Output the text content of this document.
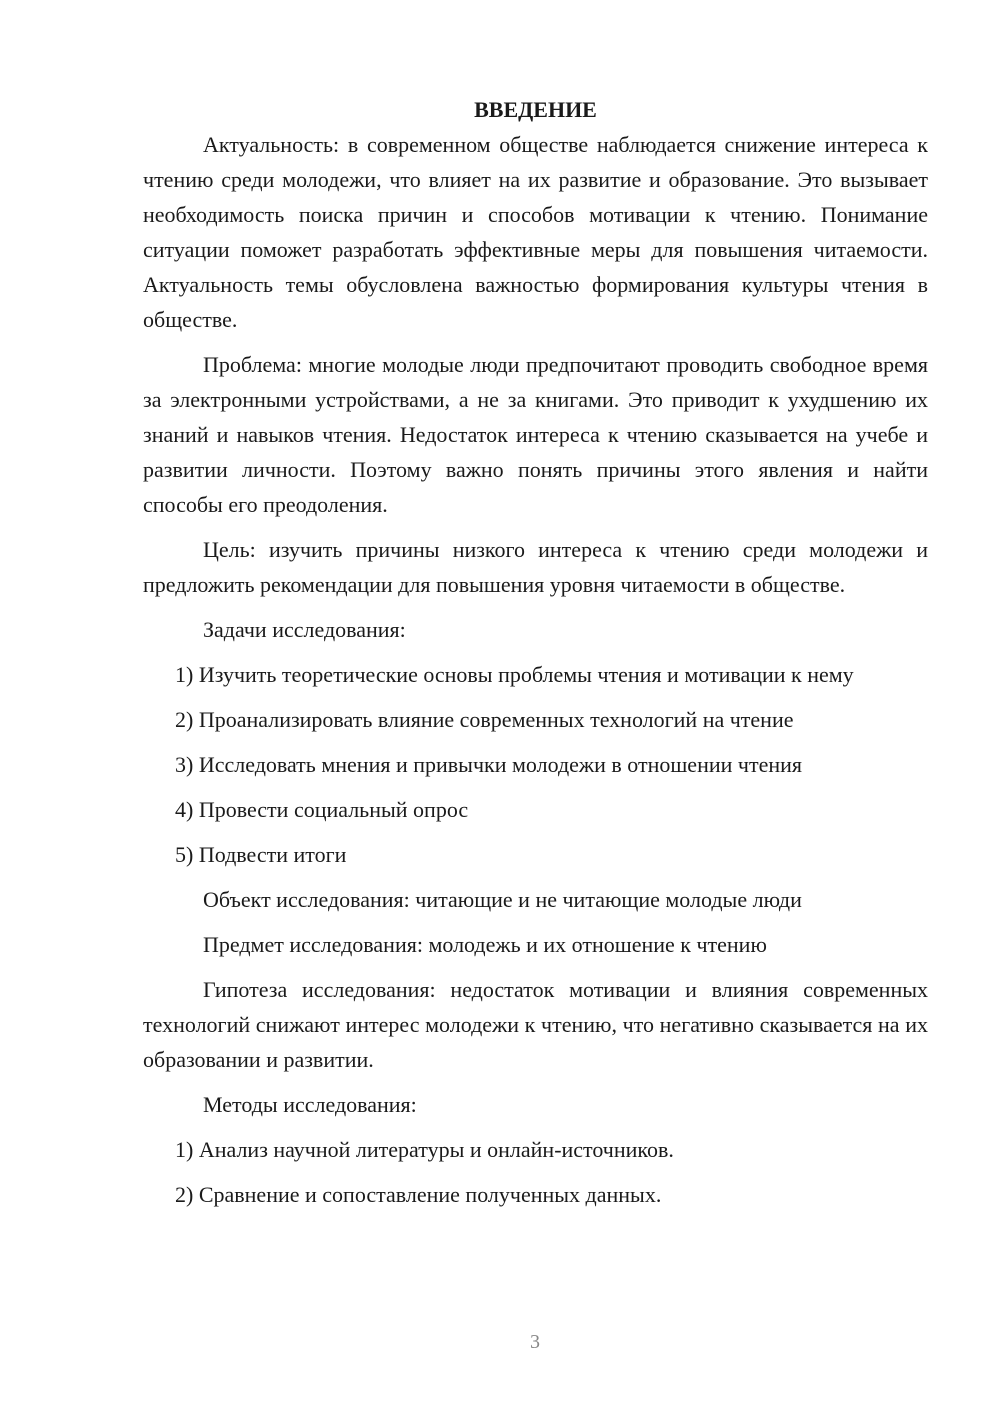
ВВЕДЕНИЕ

Актуальность: в современном обществе наблюдается снижение интереса к чтению среди молодежи, что влияет на их развитие и образование. Это вызывает необходимость поиска причин и способов мотивации к чтению. Понимание ситуации поможет разработать эффективные меры для повышения читаемости. Актуальность темы обусловлена важностью формирования культуры чтения в обществе.

Проблема: многие молодые люди предпочитают проводить свободное время за электронными устройствами, а не за книгами. Это приводит к ухудшению их знаний и навыков чтения. Недостаток интереса к чтению сказывается на учебе и развитии личности. Поэтому важно понять причины этого явления и найти способы его преодоления.

Цель: изучить причины низкого интереса к чтению среди молодежи и предложить рекомендации для повышения уровня читаемости в обществе.

Задачи исследования:

1) Изучить теоретические основы проблемы чтения и мотивации к нему

2) Проанализировать влияние современных технологий на чтение

3) Исследовать мнения и привычки молодежи в отношении чтения

4) Провести социальный опрос

5) Подвести итоги

Объект исследования: читающие и не читающие молодые люди

Предмет исследования: молодежь и их отношение к чтению

Гипотеза исследования: недостаток мотивации и влияния современных технологий снижают интерес молодежи к чтению, что негативно сказывается на их образовании и развитии.

Методы исследования:

1) Анализ научной литературы и онлайн-источников.

2) Сравнение и сопоставление полученных данных.

3
